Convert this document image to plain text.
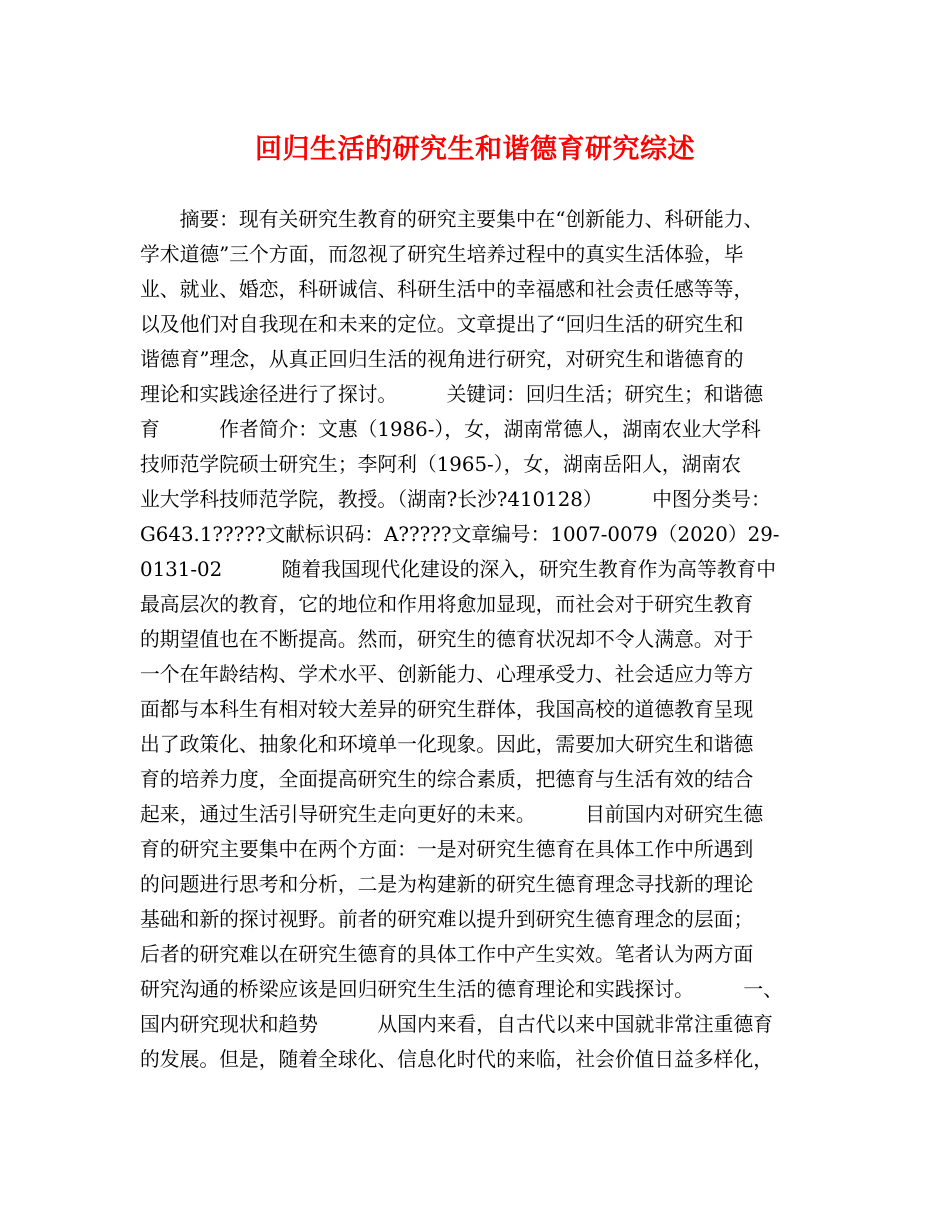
回归生活的研究生和谐德育研究综述
　　摘要：现有关研究生教育的研究主要集中在“创新能力、科研能力、
学术道德”三个方面，而忽视了研究生培养过程中的真实生活体验，毕
业、就业、婚恋，科研诚信、科研生活中的幸福感和社会责任感等等，
以及他们对自我现在和未来的定位。文章提出了“回归生活的研究生和
谐德育”理念，从真正回归生活的视角进行研究，对研究生和谐德育的
理论和实践途径进行了探讨。　　　关键词：回归生活；研究生；和谐德
育　　　作者简介：文惠（1986-），女，湖南常德人，湖南农业大学科
技师范学院硕士研究生；李阿利（1965-），女，湖南岳阳人，湖南农
业大学科技师范学院，教授。（湖南?长沙?410128）　　　中图分类号：
G643.1?????文献标识码：A?????文章编号：1007-0079（2020）29-
0131-02　　　随着我国现代化建设的深入，研究生教育作为高等教育中
最高层次的教育，它的地位和作用将愈加显现，而社会对于研究生教育
的期望值也在不断提高。然而，研究生的德育状况却不令人满意。对于
一个在年龄结构、学术水平、创新能力、心理承受力、社会适应力等方
面都与本科生有相对较大差异的研究生群体，我国高校的道德教育呈现
出了政策化、抽象化和环境单一化现象。因此，需要加大研究生和谐德
育的培养力度，全面提高研究生的综合素质，把德育与生活有效的结合
起来，通过生活引导研究生走向更好的未来。　　　目前国内对研究生德
育的研究主要集中在两个方面：一是对研究生德育在具体工作中所遇到
的问题进行思考和分析，二是为构建新的研究生德育理念寻找新的理论
基础和新的探讨视野。前者的研究难以提升到研究生德育理念的层面；
后者的研究难以在研究生德育的具体工作中产生实效。笔者认为两方面
研究沟通的桥梁应该是回归研究生生活的德育理论和实践探讨。　　　一、
国内研究现状和趋势　　　从国内来看，自古代以来中国就非常注重德育
的发展。但是，随着全球化、信息化时代的来临，社会价值日益多样化，
